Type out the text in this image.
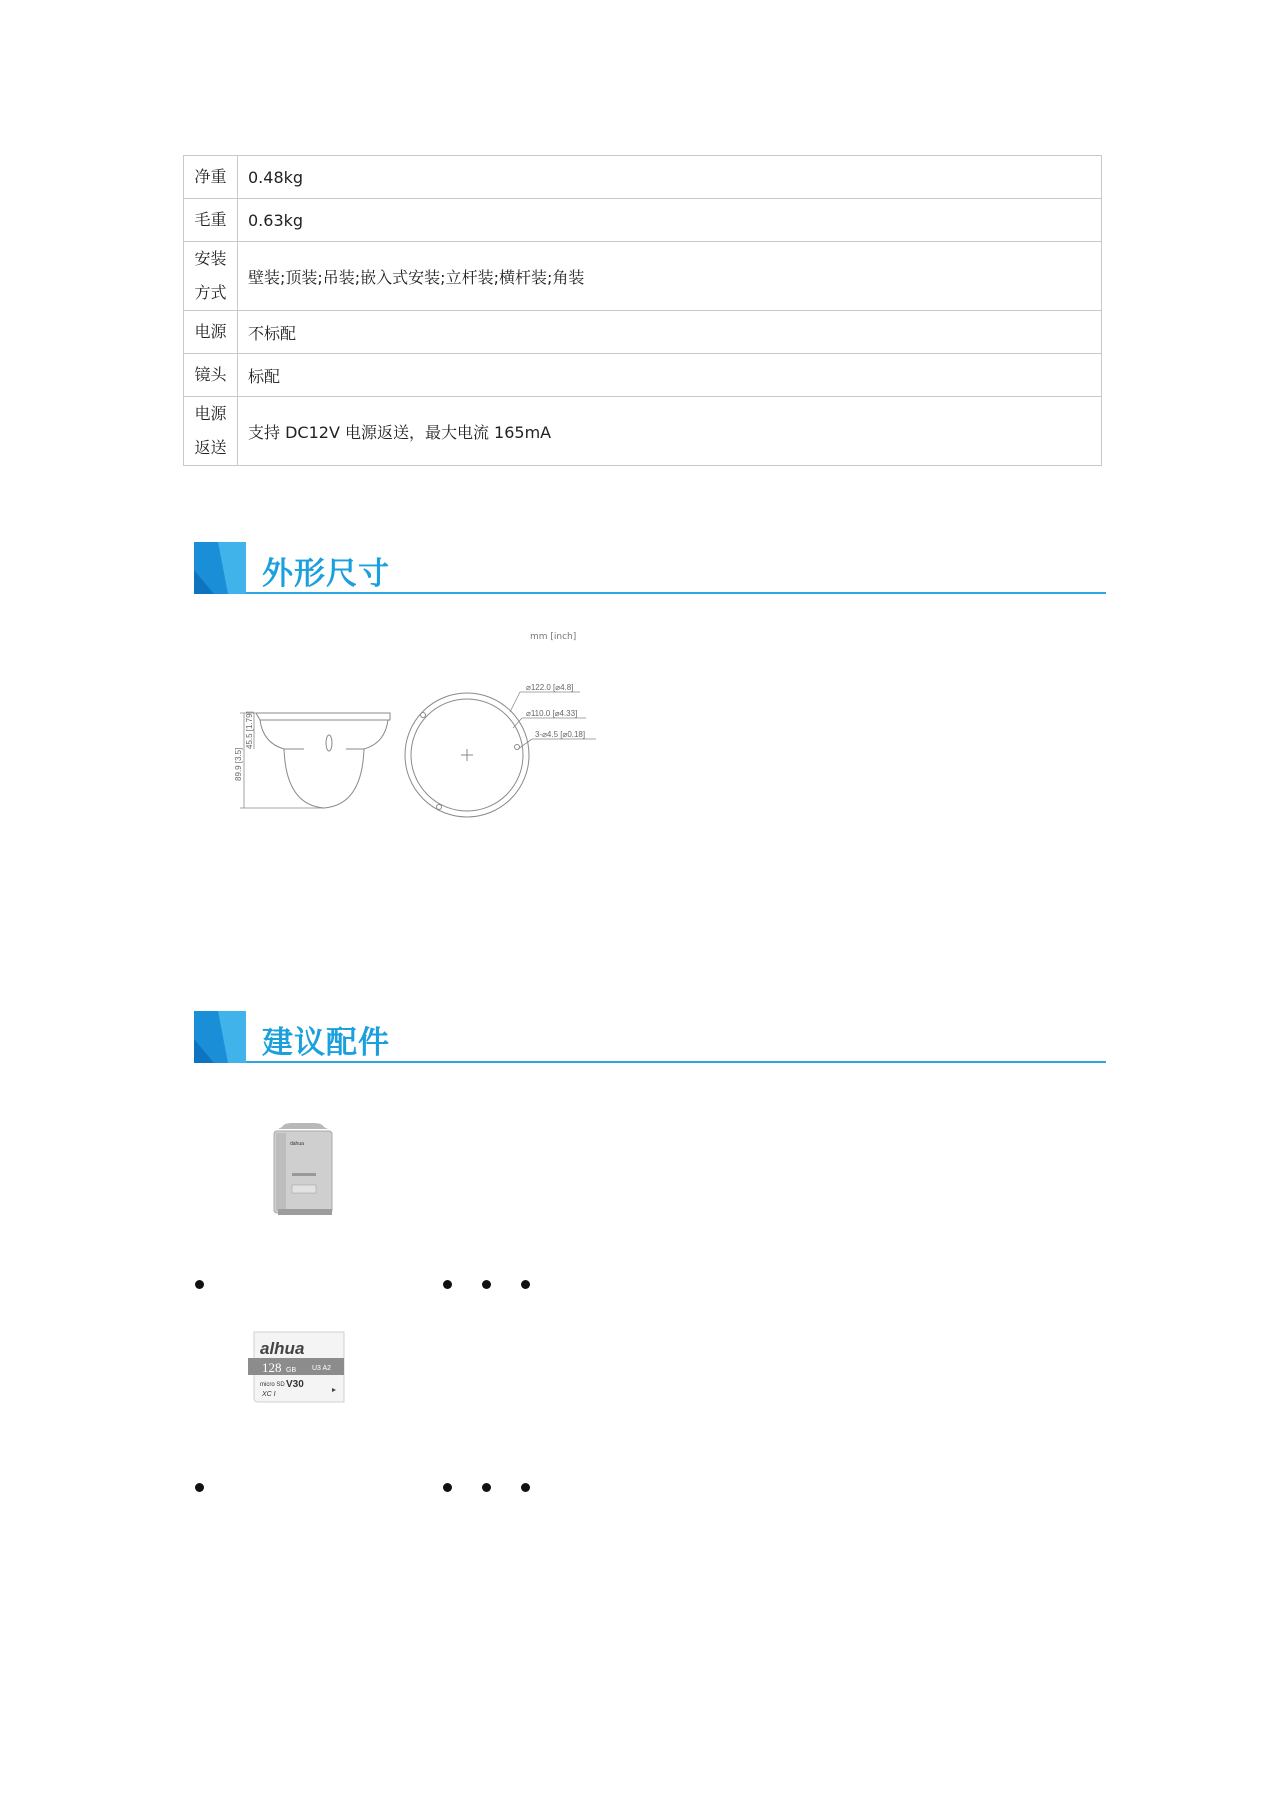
净重	0.48kg
毛重	0.63kg
安装方式	壁装;顶装;吊装;嵌入式安装;立杆装;横杆装;角装
电源	不标配
镜头	标配
电源返送	支持 DC12V 电源返送，最大电流 165mA
外形尺寸
mm [inch]
89.9 [3.5]
45.5 [1.79]
⌀122.0 [⌀4.8]
⌀110.0 [⌀4.33]
3-⌀4.5 [⌀0.18]
建议配件
dahua
alhua
128 GB U3 A2
micro SD V30
XC I
